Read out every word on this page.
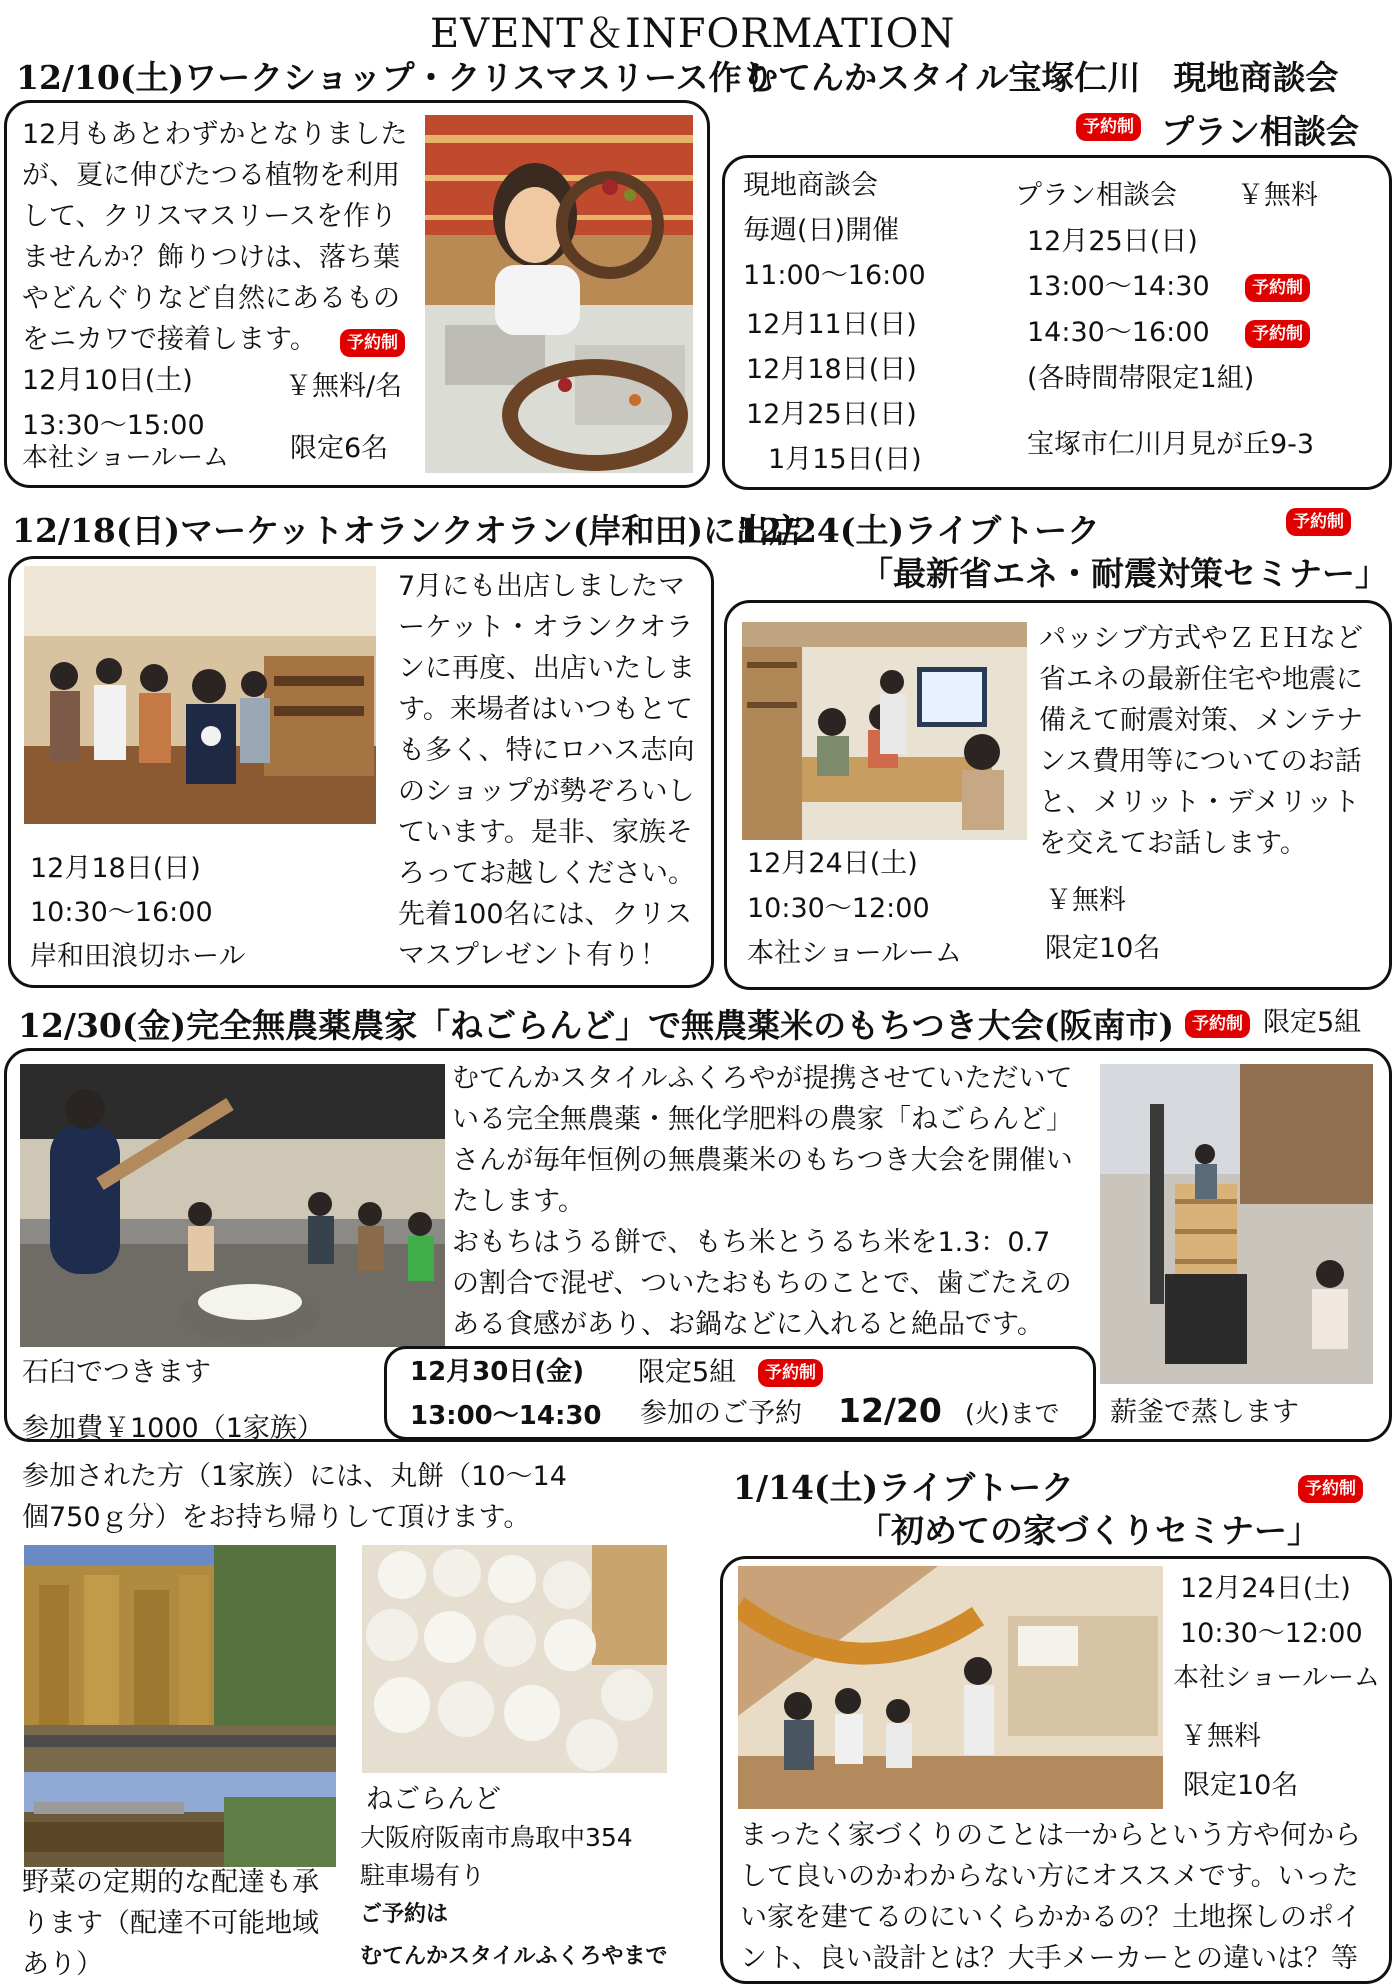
EVENT＆INFORMATION
12/10(土)ワークショップ・クリスマスリース作り
12月もあとわずかとなりました
が、夏に伸びたつる植物を利用
して、クリスマスリースを作り
ませんか？飾りつけは、落ち葉
やどんぐりなど自然にあるもの
をニカワで接着します。	予約制
12月10日(土)	￥無料/名
13:30〜15:00
本社ショールーム 限定6名
むてんかスタイル宝塚仁川　現地商談会
予約制 プラン相談会
現地商談会
毎週(日)開催
11:00〜16:00
12月11日(日)
12月18日(日)
12月25日(日)
1月15日(日)
プラン相談会 ￥無料
12月25日(日)
13:00〜14:30	予約制
14:30〜16:00	予約制
(各時間帯限定1組)
宝塚市仁川月見が丘9-3
12/18(日)マーケットオランクオラン(岸和田)に出店
7月にも出店しましたマ
ーケット・オランクオラ
ンに再度、出店いたしま
す。来場者はいつもとて
も多く、特にロハス志向
のショップが勢ぞろいし
ています。是非、家族そ
ろってお越しください。
先着100名には、クリス
マスプレゼント有り！
12月18日(日)
10:30〜16:00
岸和田浪切ホール
12/24(土)ライブトーク	予約制
「最新省エネ・耐震対策セミナー」
パッシブ方式やＺＥＨなど
省エネの最新住宅や地震に
備えて耐震対策、メンテナ
ンス費用等についてのお話
と、メリット・デメリット
を交えてお話します。
12月24日(土)
10:30〜12:00
本社ショールーム
￥無料
限定10名
12/30(金)完全無農薬農家「ねごらんど」で無農薬米のもちつき大会(阪南市)	予約制 限定5組
むてんかスタイルふくろやが提携させていただいて
いる完全無農薬・無化学肥料の農家「ねごらんど」
さんが毎年恒例の無農薬米のもちつき大会を開催い
たします。
おもちはうる餅で、もち米とうるち米を1.3：0.7
の割合で混ぜ、ついたおもちのことで、歯ごたえの
ある食感があり、お鍋などに入れると絶品です。
石臼でつきます
薪釜で蒸します
12月30日(金) 限定5組	予約制
13:00〜14:30 参加のご予約 12/20 (火)まで
参加費￥1000（1家族）
参加された方（1家族）には、丸餅（10〜14
個750ｇ分）をお持ち帰りして頂けます。
野菜の定期的な配達も承
ります（配達不可能地域
あり）
ねごらんど
大阪府阪南市鳥取中354
駐車場有り
ご予約は
むてんかスタイルふくろやまで
1/14(土)ライブトーク	予約制
「初めての家づくりセミナー」
12月24日(土)
10:30〜12:00
本社ショールーム
￥無料
限定10名
まったく家づくりのことは一からという方や何から
して良いのかわからない方にオススメです。いった
い家を建てるのにいくらかかるの？土地探しのポイ
ント、良い設計とは？大手メーカーとの違いは？等
